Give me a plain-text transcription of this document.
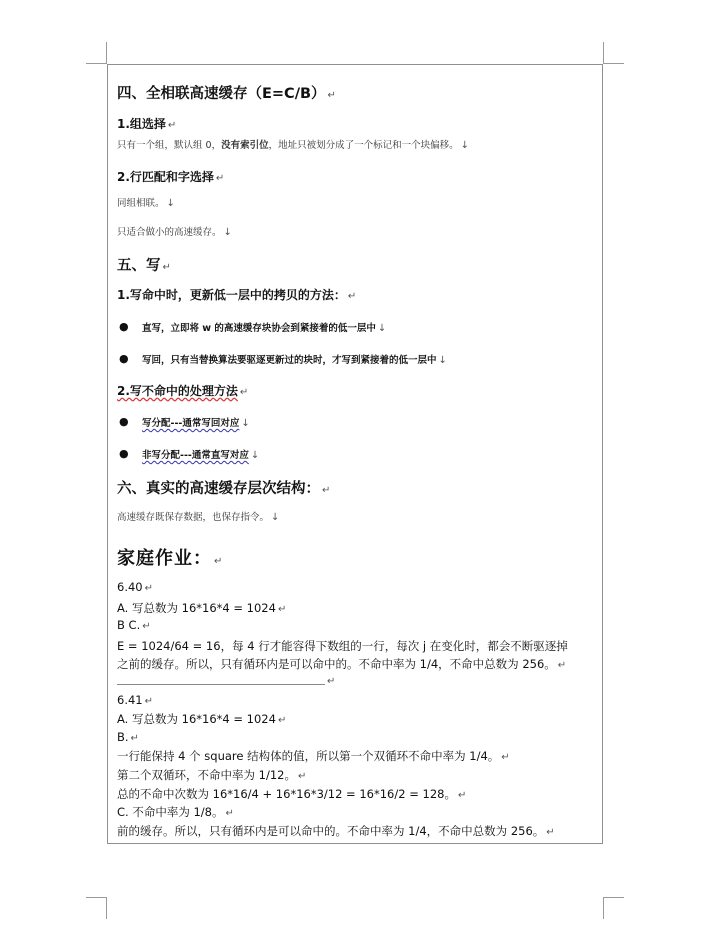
四、全相联高速缓存（E=C/B） ↵
1.组选择 ↵
只有一个组，默认组 0，没有索引位，地址只被划分成了一个标记和一个块偏移。 ↓
2.行匹配和字选择 ↵
同组相联。 ↓
只适合做小的高速缓存。 ↓
五、写 ↵
1.写命中时，更新低一层中的拷贝的方法： ↵
● 直写，立即将 w 的高速缓存块协会到紧接着的低一层中 ↓
● 写回，只有当替换算法要驱逐更新过的块时，才写到紧接着的低一层中 ↓
2.写不命中的处理方法 ↵
● 写分配---通常写回对应 ↓
● 非写分配---通常直写对应 ↓
六、真实的高速缓存层次结构： ↵
高速缓存既保存数据，也保存指令。 ↓
家庭作业： ↵
6.40 ↵
A. 写总数为 16*16*4 = 1024 ↵
B C. ↵
E = 1024/64 = 16，每 4 行才能容得下数组的一行，每次 j 在变化时，都会不断驱逐掉
之前的缓存。所以，只有循环内是可以命中的。不命中率为 1/4，不命中总数为 256。 ↵
↵
6.41 ↵
A. 写总数为 16*16*4 = 1024 ↵
B. ↵
一行能保持 4 个 square 结构体的值，所以第一个双循环不命中率为 1/4。 ↵
第二个双循环，不命中率为 1/12。 ↵
总的不命中次数为 16*16/4 + 16*16*3/12 = 16*16/2 = 128。 ↵
C. 不命中率为 1/8。 ↵
前的缓存。所以，只有循环内是可以命中的。不命中率为 1/4，不命中总数为 256。 ↵
